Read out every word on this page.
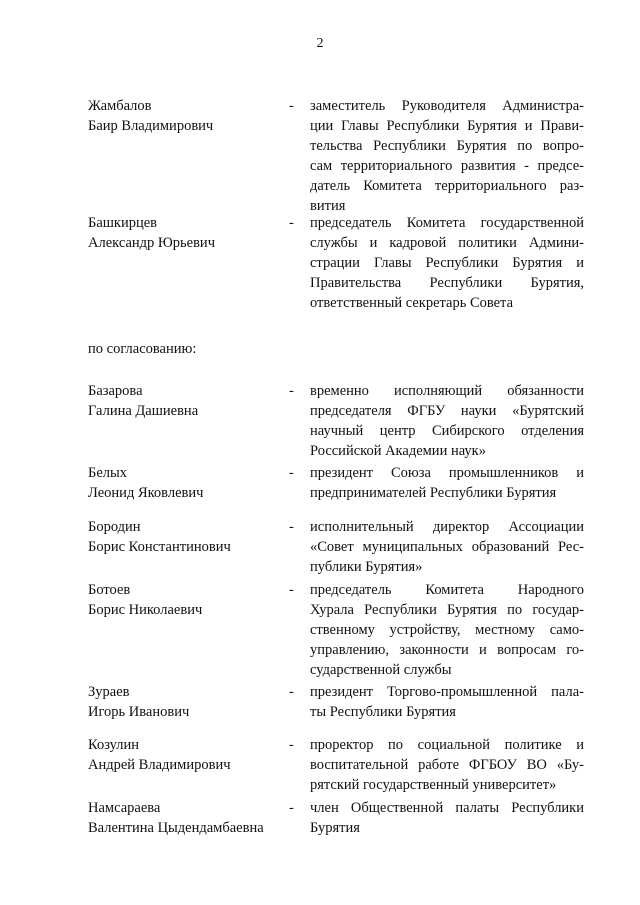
2
Жамбалов
Баир Владимирович
- заместитель Руководителя Администра-
ции Главы Республики Бурятия и Прави-
тельства Республики Бурятия по вопро-
сам территориального развития - предсе-
датель Комитета территориального раз-
вития
Башкирцев
Александр Юрьевич
- председатель Комитета государственной
службы и кадровой политики Админи-
страции Главы Республики Бурятия и
Правительства Республики Бурятия,
ответственный секретарь Совета
по согласованию:
Базарова
Галина Дашиевна
- временно исполняющий обязанности
председателя ФГБУ науки «Бурятский
научный центр Сибирского отделения
Российской Академии наук»
Белых
Леонид Яковлевич
- президент Союза промышленников и
предпринимателей Республики Бурятия
Бородин
Борис Константинович
- исполнительный директор Ассоциации
«Совет муниципальных образований Рес-
публики Бурятия»
Ботоев
Борис Николаевич
- председатель Комитета Народного
Хурала Республики Бурятия по государ-
ственному устройству, местному само-
управлению, законности и вопросам го-
сударственной службы
Зураев
Игорь Иванович
- президент Торгово-промышленной пала-
ты Республики Бурятия
Козулин
Андрей Владимирович
- проректор по социальной политике и
воспитательной работе ФГБОУ ВО «Бу-
рятский государственный университет»
Намсараева
Валентина Цыдендамбаевна
- член Общественной палаты Республики
Бурятия
